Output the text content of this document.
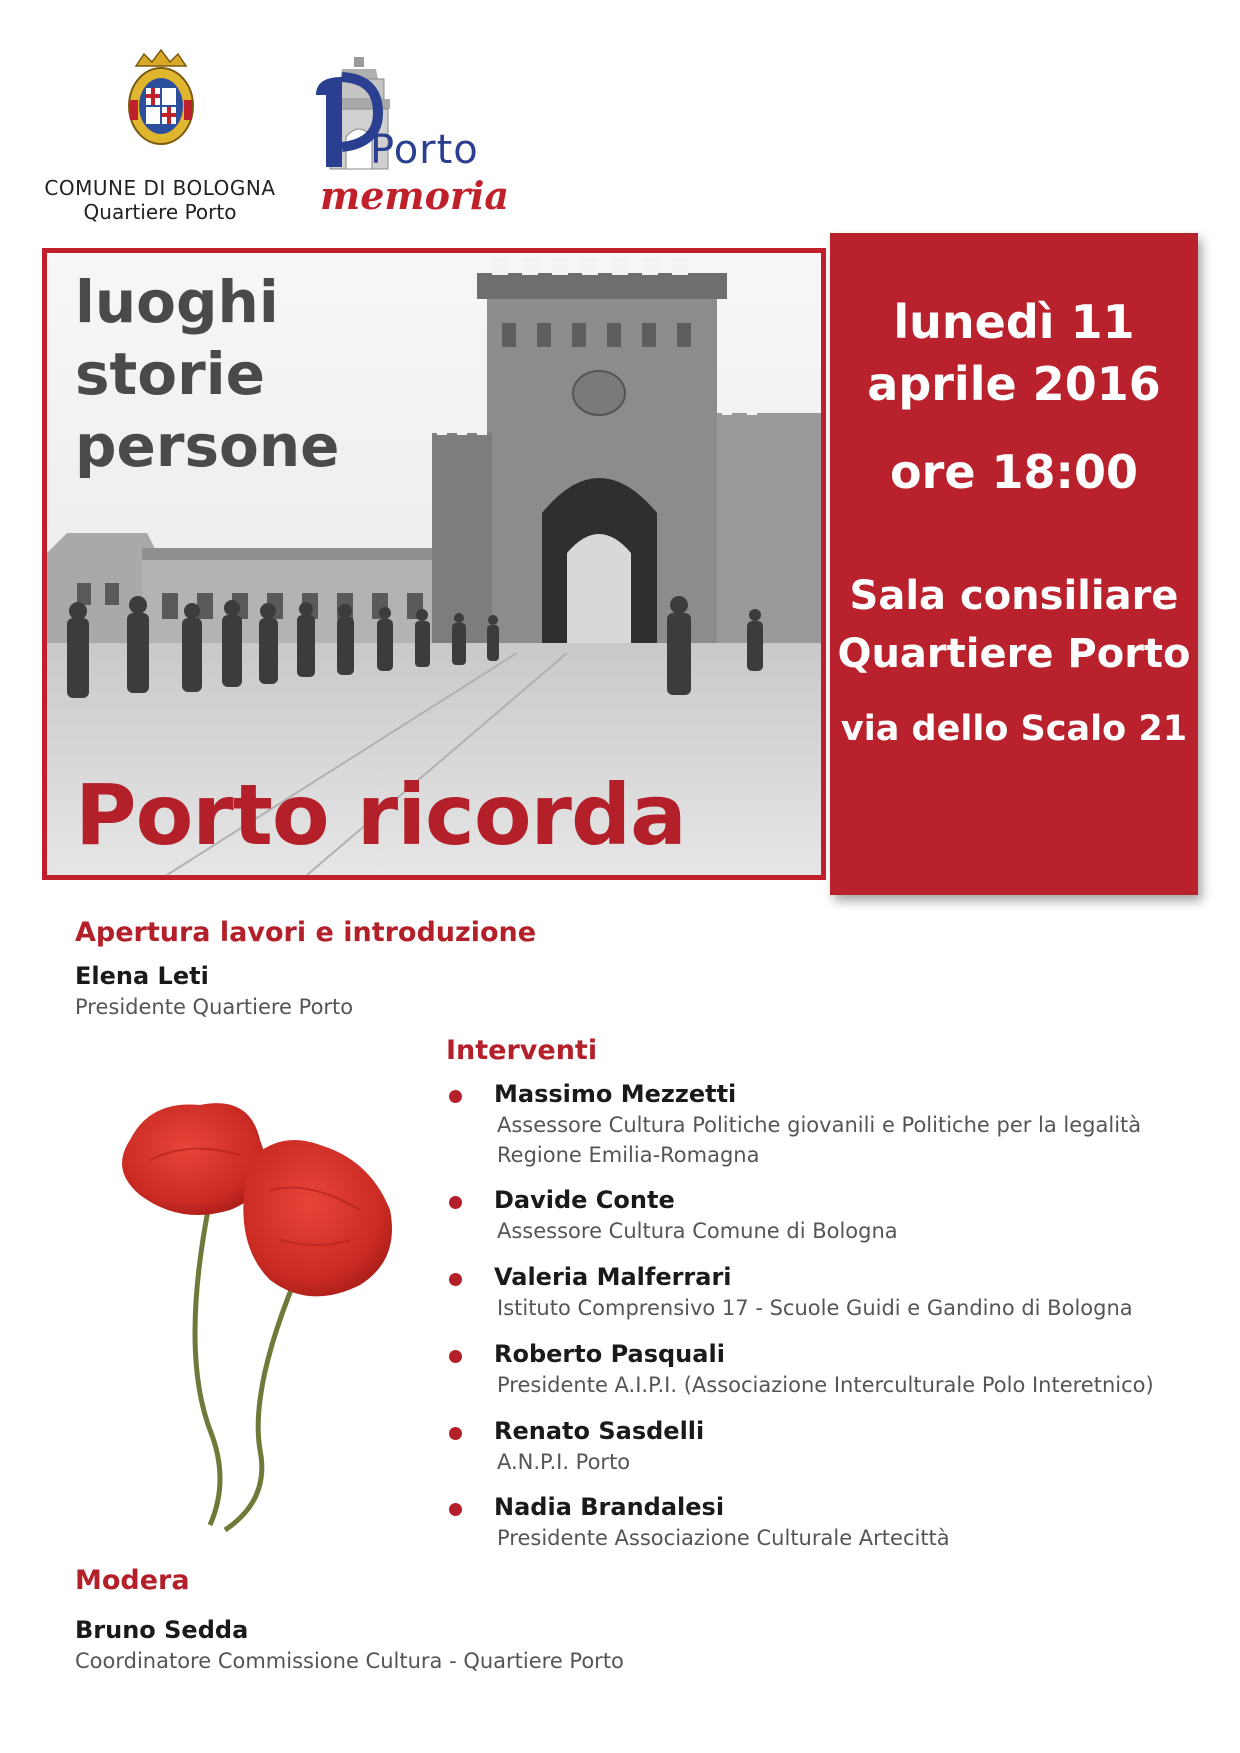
COMUNE DI BOLOGNA
Quartiere Porto
Porto
memoria
luoghi
storie
persone
Porto ricorda
lunedì 11
aprile 2016
ore 18:00
Sala consiliare
Quartiere Porto
via dello Scalo 21
Apertura lavori e introduzione
Elena Leti
Presidente Quartiere Porto
Interventi
Massimo Mezzetti
Assessore Cultura Politiche giovanili e Politiche per la legalità
Regione Emilia-Romagna
Davide Conte
Assessore Cultura Comune di Bologna
Valeria Malferrari
Istituto Comprensivo 17 - Scuole Guidi e Gandino di Bologna
Roberto Pasquali
Presidente A.I.P.I. (Associazione Interculturale Polo Interetnico)
Renato Sasdelli
A.N.P.I. Porto
Nadia Brandalesi
Presidente Associazione Culturale Artecittà
Modera
Bruno Sedda
Coordinatore Commissione Cultura - Quartiere Porto
